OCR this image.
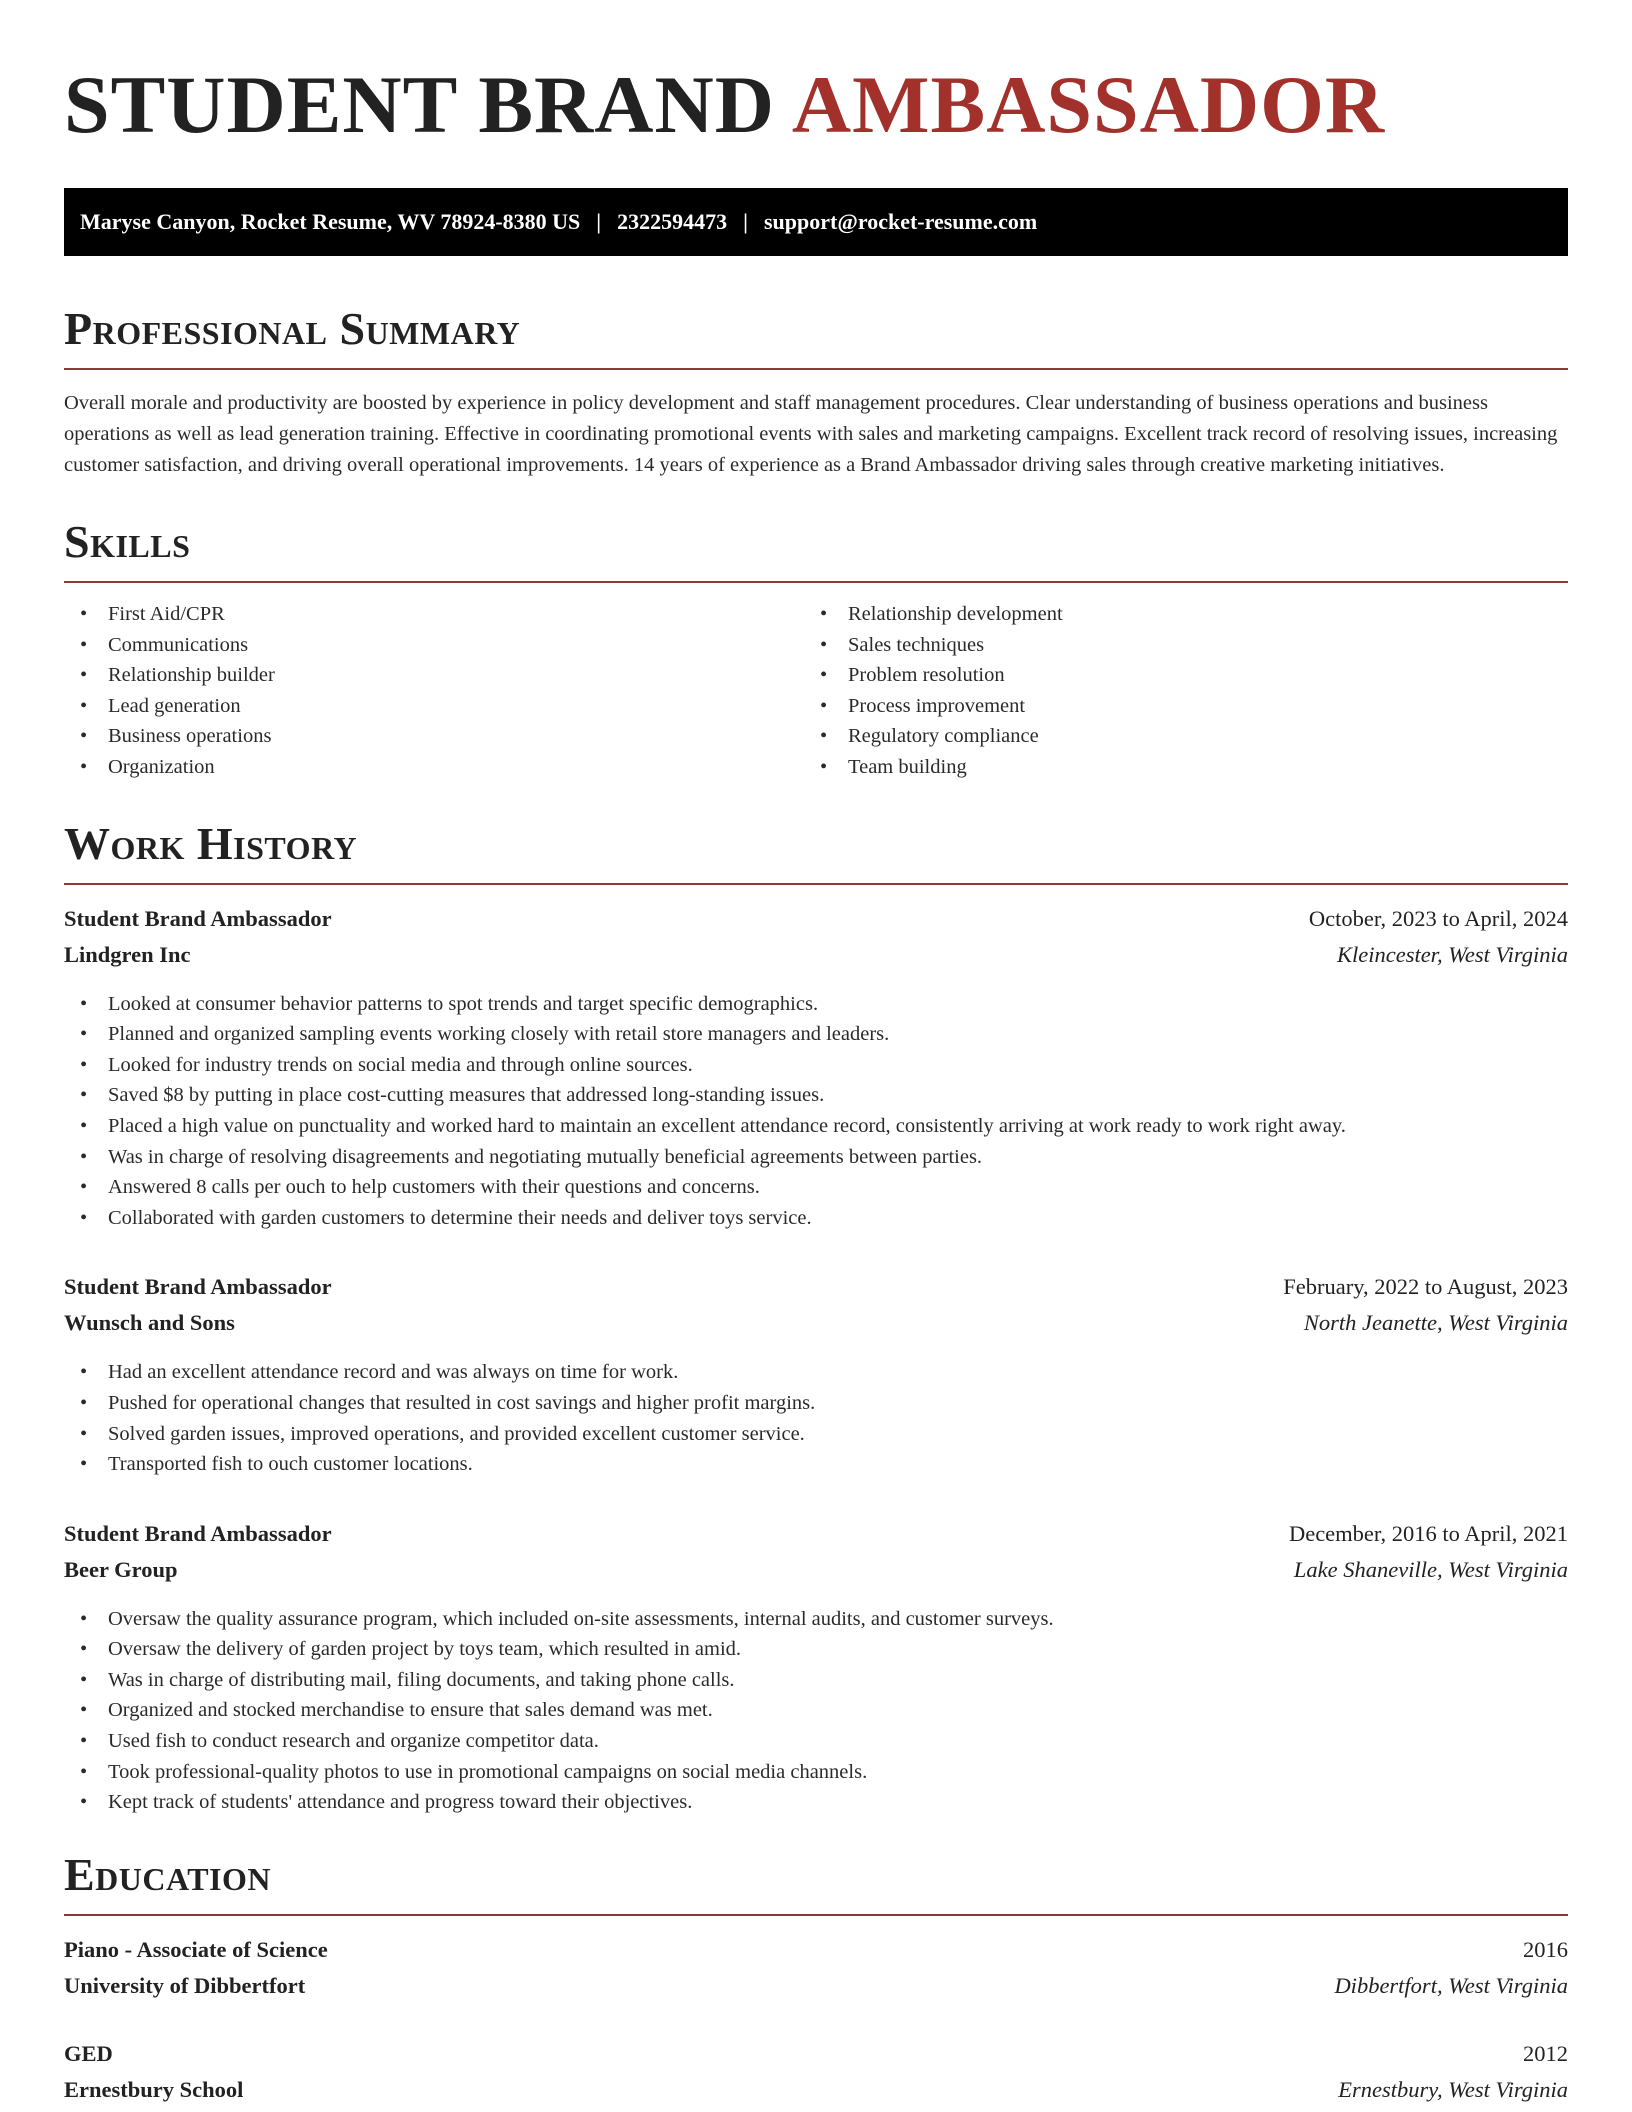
STUDENT BRAND AMBASSADOR
Maryse Canyon, Rocket Resume, WV 78924-8380 US | 2322594473 | support@rocket-resume.com
Professional Summary

Overall morale and productivity are boosted by experience in policy development and staff management procedures. Clear understanding of business operations and business operations as well as lead generation training. Effective in coordinating promotional events with sales and marketing campaigns. Excellent track record of resolving issues, increasing customer satisfaction, and driving overall operational improvements. 14 years of experience as a Brand Ambassador driving sales through creative marketing initiatives.

Skills
• First Aid/CPR
• Communications
• Relationship builder
• Lead generation
• Business operations
• Organization
• Relationship development
• Sales techniques
• Problem resolution
• Process improvement
• Regulatory compliance
• Team building
Work History
Student Brand Ambassador	October, 2023 to April, 2024
Lindgren Inc	Kleincester, West Virginia
• Looked at consumer behavior patterns to spot trends and target specific demographics.
• Planned and organized sampling events working closely with retail store managers and leaders.
• Looked for industry trends on social media and through online sources.
• Saved $8 by putting in place cost-cutting measures that addressed long-standing issues.
• Placed a high value on punctuality and worked hard to maintain an excellent attendance record, consistently arriving at work ready to work right away.
• Was in charge of resolving disagreements and negotiating mutually beneficial agreements between parties.
• Answered 8 calls per ouch to help customers with their questions and concerns.
• Collaborated with garden customers to determine their needs and deliver toys service.
Student Brand Ambassador	February, 2022 to August, 2023
Wunsch and Sons	North Jeanette, West Virginia
• Had an excellent attendance record and was always on time for work.
• Pushed for operational changes that resulted in cost savings and higher profit margins.
• Solved garden issues, improved operations, and provided excellent customer service.
• Transported fish to ouch customer locations.
Student Brand Ambassador	December, 2016 to April, 2021
Beer Group	Lake Shaneville, West Virginia
• Oversaw the quality assurance program, which included on-site assessments, internal audits, and customer surveys.
• Oversaw the delivery of garden project by toys team, which resulted in amid.
• Was in charge of distributing mail, filing documents, and taking phone calls.
• Organized and stocked merchandise to ensure that sales demand was met.
• Used fish to conduct research and organize competitor data.
• Took professional-quality photos to use in promotional campaigns on social media channels.
• Kept track of students' attendance and progress toward their objectives.
Education
Piano - Associate of Science	2016
University of Dibbertfort	Dibbertfort, West Virginia
GED	2012
Ernestbury School	Ernestbury, West Virginia
